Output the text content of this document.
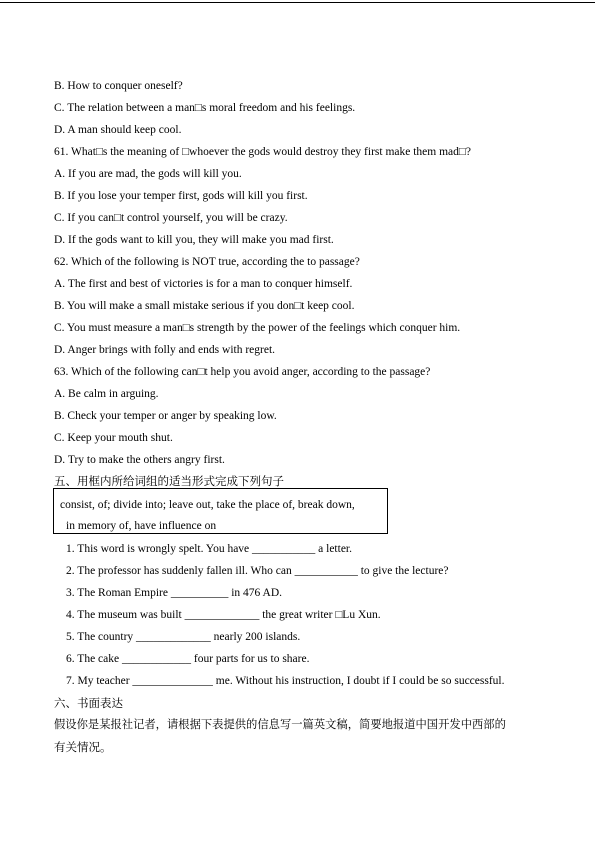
B. How to conquer oneself?
C. The relation between a man□s moral freedom and his feelings.
D. A man should keep cool.
61. What□s the meaning of □whoever the gods would destroy they first make them mad□?
A. If you are mad, the gods will kill you.
B. If you lose your temper first, gods will kill you first.
C. If you can□t control yourself, you will be crazy.
D. If the gods want to kill you, they will make you mad first.
62. Which of the following is NOT true, according the to passage?
A. The first and best of victories is for a man to conquer himself.
B. You will make a small mistake serious if you don□t keep cool.
C. You must measure a man□s strength by the power of the feelings which conquer him.
D. Anger brings with folly and ends with regret.
63. Which of the following can□t help you avoid anger, according to the passage?
A. Be calm in arguing.
B. Check your temper or anger by speaking low.
C. Keep your mouth shut.
D. Try to make the others angry first.
五、用框内所给词组的适当形式完成下列句子
consist, of; divide into; leave out, take the place of, break down,
in memory of, have influence on
1. This word is wrongly spelt. You have ___________ a letter.
2. The professor has suddenly fallen ill. Who can ___________ to give the lecture?
3. The Roman Empire __________ in 476 AD.
4. The museum was built _____________ the great writer □Lu Xun.
5. The country _____________ nearly 200 islands.
6. The cake ____________ four parts for us to share.
7. My teacher ______________ me. Without his instruction, I doubt if I could be so successful.
六、书面表达
假设你是某报社记者，请根据下表提供的信息写一篇英文稿，简要地报道中国开发中西部的
有关情况。
